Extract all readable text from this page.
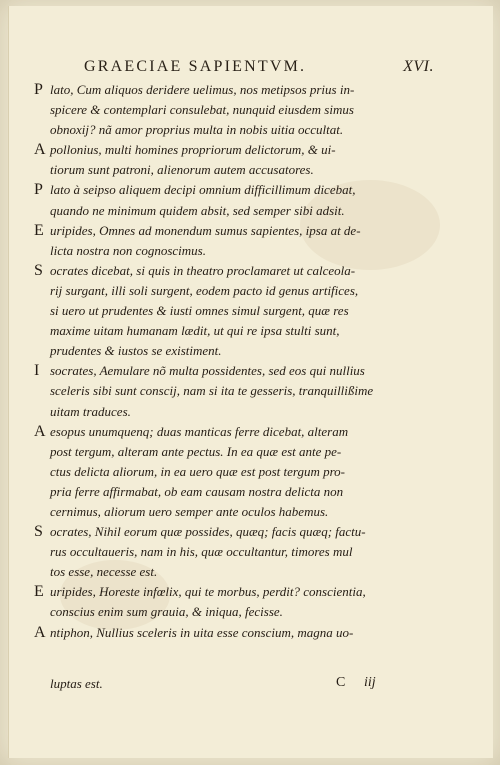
GRAECIAE SAPIENTVM.	XVI.
P lato, Cum aliquos deridere uelimus, nos metipsos prius in-
spicere & contemplari consulebat, nunquid eiusdem simus
obnoxij? nã amor proprius multa in nobis uitia occultat.
A pollonius, multi homines propriorum delictorum, & ui-
tiorum sunt patroni, alienorum autem accusatores.
P lato à seipso aliquem decipi omnium difficillimum dicebat,
quando ne minimum quidem absit, sed semper sibi adsit.
E uripides, Omnes ad monendum sumus sapientes, ipsa at de-
licta nostra non cognoscimus.
S ocrates dicebat, si quis in theatro proclamaret ut calceola-
rij surgant, illi soli surgent, eodem pacto id genus artifices,
si uero ut prudentes & iusti omnes simul surgent, quæ res
maxime uitam humanam lædit, ut qui re ipsa stulti sunt,
prudentes & iustos se existiment.
I socrates, Aemulare nõ multa possidentes, sed eos qui nullius
sceleris sibi sunt conscij, nam si ita te gesseris, tranquillißime
uitam traduces.
A esopus unumquenq; duas manticas ferre dicebat, alteram
post tergum, alteram ante pectus. In ea quæ est ante pe-
ctus delicta aliorum, in ea uero quæ est post tergum pro-
pria ferre affirmabat, ob eam causam nostra delicta non
cernimus, aliorum uero semper ante oculos habemus.
S ocrates, Nihil eorum quæ possides, quæq; facis quæq; factu-
rus occultaueris, nam in his, quæ occultantur, timores mul
tos esse, necesse est.
E uripides, Horeste infœlix, qui te morbus, perdit? conscientia,
conscius enim sum grauia, & iniqua, fecisse.
A ntiphon, Nullius sceleris in uita esse conscium, magna uo-
luptas est.	C iij
